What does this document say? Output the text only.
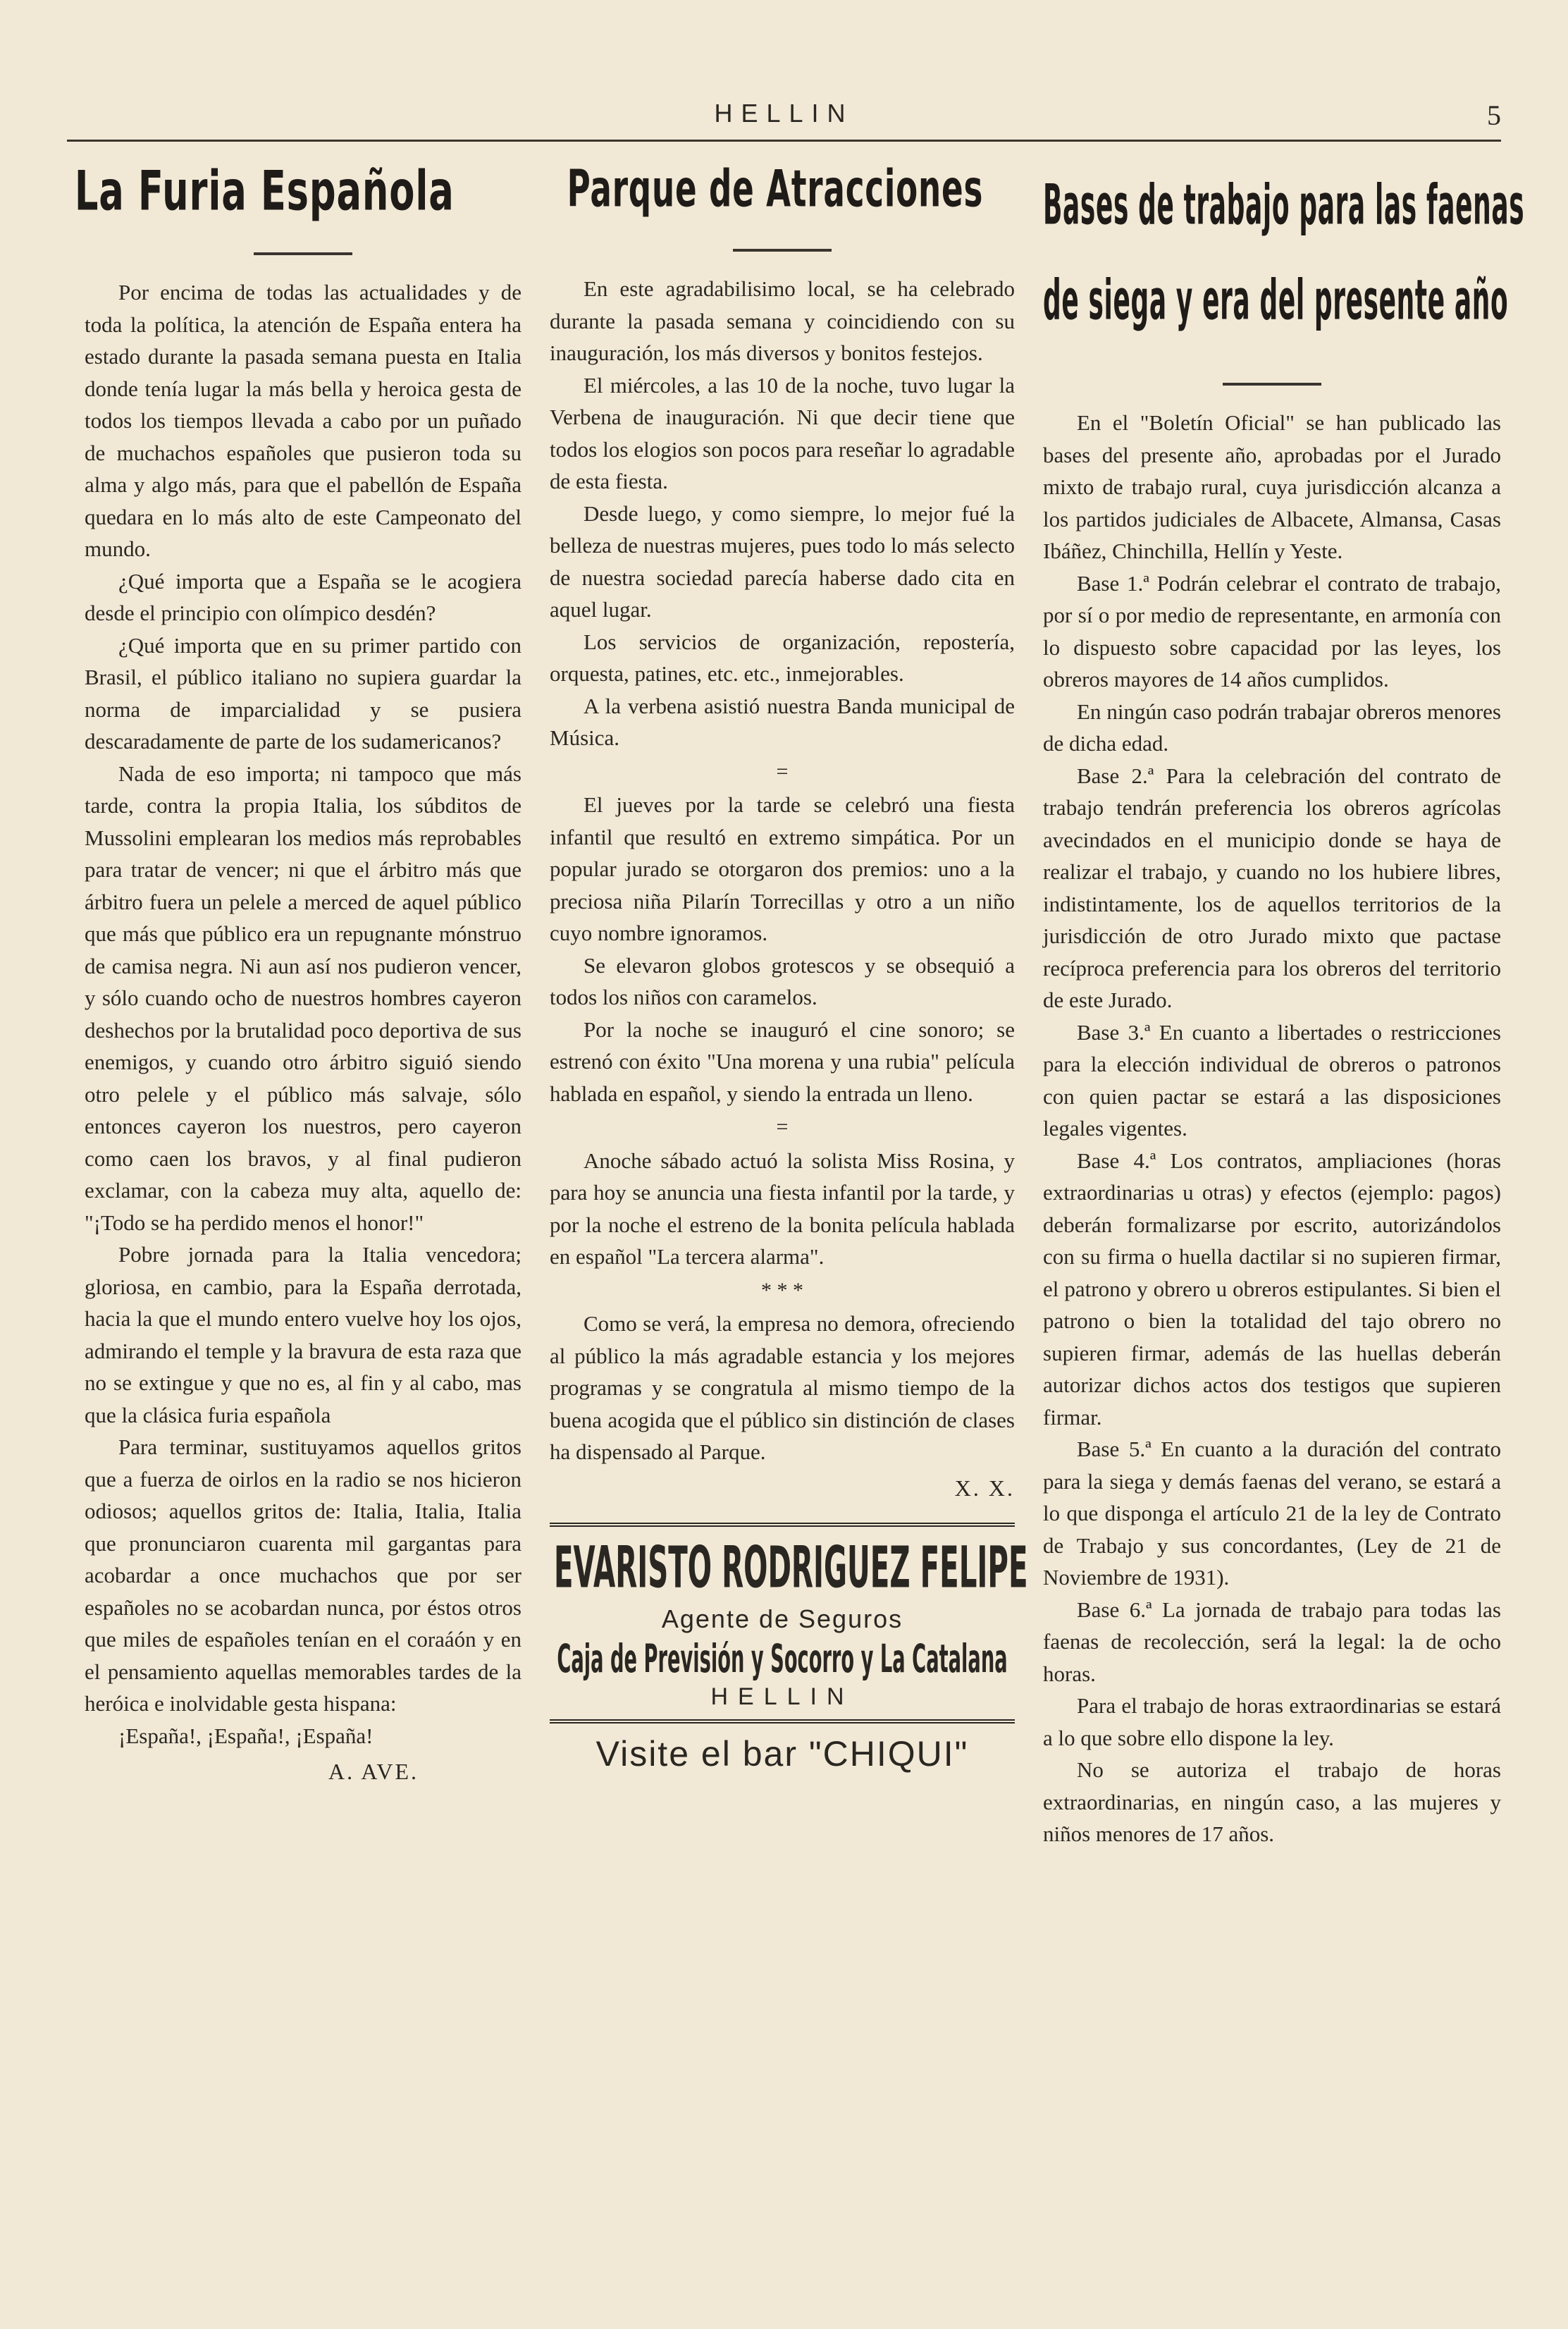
HELLIN	5
La Furia Española

Por encima de todas las actualidades y de toda la política, la atención de España entera ha estado durante la pasada semana puesta en Italia donde tenía lugar la más bella y heroica gesta de todos los tiempos llevada a cabo por un puñado de muchachos españoles que pusieron toda su alma y algo más, para que el pabellón de España quedara en lo más alto de este Campeonato del mundo.

¿Qué importa que a España se le acogiera desde el principio con olímpico desdén?

¿Qué importa que en su primer partido con Brasil, el público italiano no supiera guardar la norma de imparcialidad y se pusiera descaradamente de parte de los sudamericanos?

Nada de eso importa; ni tampoco que más tarde, contra la propia Italia, los súbditos de Mussolini emplearan los medios más reprobables para tratar de vencer; ni que el árbitro más que árbitro fuera un pelele a merced de aquel público que más que público era un repugnante mónstruo de camisa negra. Ni aun así nos pudieron vencer, y sólo cuando ocho de nuestros hombres cayeron deshechos por la brutalidad poco deportiva de sus enemigos, y cuando otro árbitro siguió siendo otro pelele y el público más salvaje, sólo entonces cayeron los nuestros, pero cayeron como caen los bravos, y al final pudieron exclamar, con la cabeza muy alta, aquello de: "¡Todo se ha perdido menos el honor!"

Pobre jornada para la Italia vencedora; gloriosa, en cambio, para la España derrotada, hacia la que el mundo entero vuelve hoy los ojos, admirando el temple y la bravura de esta raza que no se extingue y que no es, al fin y al cabo, mas que la clásica furia española

Para terminar, sustituyamos aquellos gritos que a fuerza de oirlos en la radio se nos hicieron odiosos; aquellos gritos de: Italia, Italia, Italia que pronunciaron cuarenta mil gargantas para acobardar a once muchachos que por ser españoles no se acobardan nunca, por éstos otros que miles de españoles tenían en el coraáón y en el pensamiento aquellas memorables tardes de la heróica e inolvidable gesta hispana:

¡España!, ¡España!, ¡España!

A. AVE.
Parque de Atracciones

En este agradabilisimo local, se ha celebrado durante la pasada semana y coincidiendo con su inauguración, los más diversos y bonitos festejos.

El miércoles, a las 10 de la noche, tuvo lugar la Verbena de inauguración. Ni que decir tiene que todos los elogios son pocos para reseñar lo agradable de esta fiesta.

Desde luego, y como siempre, lo mejor fué la belleza de nuestras mujeres, pues todo lo más selecto de nuestra sociedad parecía haberse dado cita en aquel lugar.

Los servicios de organización, repostería, orquesta, patines, etc. etc., inmejorables.

A la verbena asistió nuestra Banda municipal de Música.

=

El jueves por la tarde se celebró una fiesta infantil que resultó en extremo simpática. Por un popular jurado se otorgaron dos premios: uno a la preciosa niña Pilarín Torrecillas y otro a un niño cuyo nombre ignoramos.

Se elevaron globos grotescos y se obsequió a todos los niños con caramelos.

Por la noche se inauguró el cine sonoro; se estrenó con éxito "Una morena y una rubia" película hablada en español, y siendo la entrada un lleno.

=

Anoche sábado actuó la solista Miss Rosina, y para hoy se anuncia una fiesta infantil por la tarde, y por la noche el estreno de la bonita película hablada en español "La tercera alarma".

* * *

Como se verá, la empresa no demora, ofreciendo al público la más agradable estancia y los mejores programas y se congratula al mismo tiempo de la buena acogida que el público sin distinción de clases ha dispensado al Parque.

X. X.
EVARISTO RODRIGUEZ FELIPE
Agente de Seguros
Caja de Previsión y Socorro y La Catalana
HELLIN
Visite el bar "CHIQUI"
Bases de trabajo para las faenas
de siega y era del presente año

En el "Boletín Oficial" se han publicado las bases del presente año, aprobadas por el Jurado mixto de trabajo rural, cuya jurisdicción alcanza a los partidos judiciales de Albacete, Almansa, Casas Ibáñez, Chinchilla, Hellín y Yeste.

Base 1.ª Podrán celebrar el contrato de trabajo, por sí o por medio de representante, en armonía con lo dispuesto sobre capacidad por las leyes, los obreros mayores de 14 años cumplidos.

En ningún caso podrán trabajar obreros menores de dicha edad.

Base 2.ª Para la celebración del contrato de trabajo tendrán preferencia los obreros agrícolas avecindados en el municipio donde se haya de realizar el trabajo, y cuando no los hubiere libres, indistintamente, los de aquellos territorios de la jurisdicción de otro Jurado mixto que pactase recíproca preferencia para los obreros del territorio de este Jurado.

Base 3.ª En cuanto a libertades o restricciones para la elección individual de obreros o patronos con quien pactar se estará a las disposiciones legales vigentes.

Base 4.ª Los contratos, ampliaciones (horas extraordinarias u otras) y efectos (ejemplo: pagos) deberán formalizarse por escrito, autorizándolos con su firma o huella dactilar si no supieren firmar, el patrono y obrero u obreros estipulantes. Si bien el patrono o bien la totalidad del tajo obrero no supieren firmar, además de las huellas deberán autorizar dichos actos dos testigos que supieren firmar.

Base 5.ª En cuanto a la duración del contrato para la siega y demás faenas del verano, se estará a lo que disponga el artículo 21 de la ley de Contrato de Trabajo y sus concordantes, (Ley de 21 de Noviembre de 1931).

Base 6.ª La jornada de trabajo para todas las faenas de recolección, será la legal: la de ocho horas.

Para el trabajo de horas extraordinarias se estará a lo que sobre ello dispone la ley.

No se autoriza el trabajo de horas extraordinarias, en ningún caso, a las mujeres y niños menores de 17 años.
